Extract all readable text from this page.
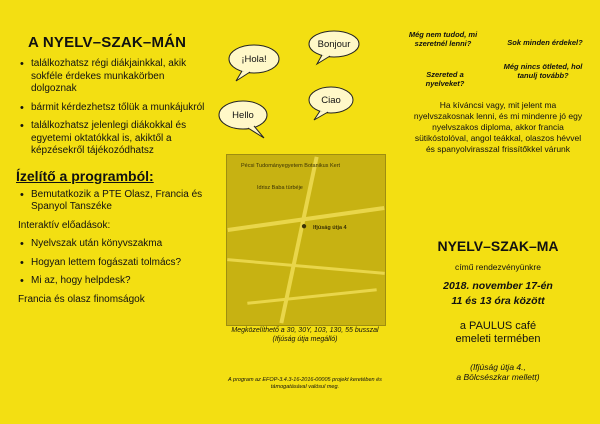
A NYELV–SZAK–MÁN
• találkozhatsz régi diákjainkkal, akik sokféle érdekes munkakörben dolgoznak
• bármit kérdezhetsz tőlük a munkájukról
• találkozhatsz jelenlegi diákokkal és egyetemi oktatókkal is, akiktől a képzésekről tájékozódhatsz
Ízelítő a programból:
• Bemutatkozik a PTE Olasz, Francia és Spanyol Tanszéke
Interaktív előadások:
• Nyelvszak után könyvszakma
• Hogyan lettem fogászati tolmács?
• Mi az, hogy helpdesk?
Francia és olasz finomságok
¡Hola!
Bonjour
Ciao
Hello
Pécsi Tudományegyetem Botanikus Kert
Idrisz Baba türbéje
● Ifjúság útja 4
Megközelíthető a 30, 30Y, 103, 130, 55 busszal (Ifjúság útja megálló)
A program az EFOP-3.4.3-16-2016-00005 projekt keretében és támogatásával valósul meg.
Még nem tudod, mi szeretnél lenni?	Sok minden érdekel?
Szereted a nyelveket?
Még nincs ötleted, hol tanulj tovább?
Ha kíváncsi vagy, mit jelent ma nyelvszakosnak lenni, és mi mindenre jó egy nyelvszakos diploma, akkor francia sütikóstolóval, angol teákkal, olaszos hévvel és spanyolvirasszal frissítőkkel várunk
NYELV–SZAK–MA
című rendezvényünkre
2018. november 17-én
11 és 13 óra között
a PAULUS café
emeleti termében
(Ifjúság útja 4.,
a Bölcsészkar mellett)
